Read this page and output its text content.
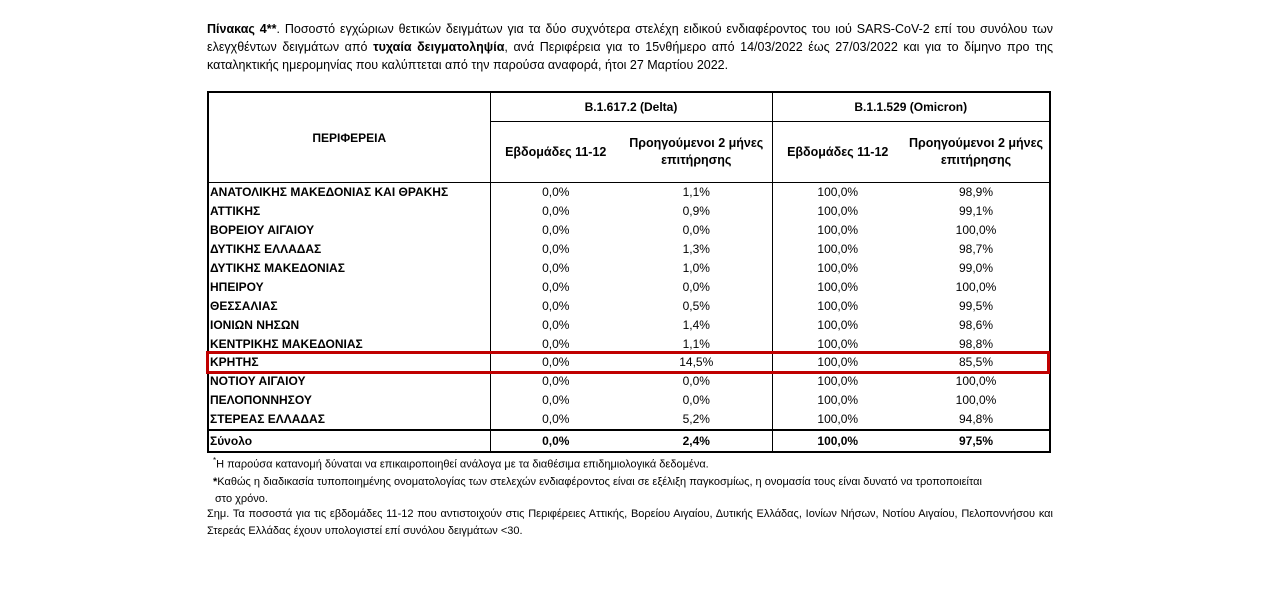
Πίνακας 4**. Ποσοστό εγχώριων θετικών δειγμάτων για τα δύο συχνότερα στελέχη ειδικού ενδιαφέροντος του ιού SARS-CoV-2 επί του συνόλου των ελεγχθέντων δειγμάτων από τυχαία δειγματοληψία, ανά Περιφέρεια για το 15νθήμερο από 14/03/2022 έως 27/03/2022 και για το δίμηνο προ της καταληκτικής ημερομηνίας που καλύπτεται από την παρούσα αναφορά, ήτοι 27 Μαρτίου 2022.
ΠΕΡΙΦΕΡΕΙΑ	B.1.617.2 (Delta)		B.1.1.529 (Omicron)	
	Εβδομάδες 11-12	Προηγούμενοι 2 μήνες επιτήρησης	Εβδομάδες 11-12	Προηγούμενοι 2 μήνες επιτήρησης
ΑΝΑΤΟΛΙΚΗΣ ΜΑΚΕΔΟΝΙΑΣ ΚΑΙ ΘΡΑΚΗΣ	0,0%	1,1%	100,0%	98,9%
ΑΤΤΙΚΗΣ	0,0%	0,9%	100,0%	99,1%
ΒΟΡΕΙΟΥ ΑΙΓΑΙΟΥ	0,0%	0,0%	100,0%	100,0%
ΔΥΤΙΚΗΣ ΕΛΛΑΔΑΣ	0,0%	1,3%	100,0%	98,7%
ΔΥΤΙΚΗΣ ΜΑΚΕΔΟΝΙΑΣ	0,0%	1,0%	100,0%	99,0%
ΗΠΕΙΡΟΥ	0,0%	0,0%	100,0%	100,0%
ΘΕΣΣΑΛΙΑΣ	0,0%	0,5%	100,0%	99,5%
ΙΟΝΙΩΝ ΝΗΣΩΝ	0,0%	1,4%	100,0%	98,6%
ΚΕΝΤΡΙΚΗΣ ΜΑΚΕΔΟΝΙΑΣ	0,0%	1,1%	100,0%	98,8%
ΚΡΗΤΗΣ	0,0%	14,5%	100,0%	85,5%
ΝΟΤΙΟΥ ΑΙΓΑΙΟΥ	0,0%	0,0%	100,0%	100,0%
ΠΕΛΟΠΟΝΝΗΣΟΥ	0,0%	0,0%	100,0%	100,0%
ΣΤΕΡΕΑΣ ΕΛΛΑΔΑΣ	0,0%	5,2%	100,0%	94,8%
Σύνολο	0,0%	2,4%	100,0%	97,5%

*Η παρούσα κατανομή δύναται να επικαιροποιηθεί ανάλογα με τα διαθέσιμα επιδημιολογικά δεδομένα.

*Καθώς η διαδικασία τυποποιημένης ονοματολογίας των στελεχών ενδιαφέροντος είναι σε εξέλιξη παγκοσμίως, η ονομασία τους είναι δυνατό να τροποποιείται

στο χρόνο.

Σημ. Τα ποσοστά για τις εβδομάδες 11-12 που αντιστοιχούν στις Περιφέρειες Αττικής, Βορείου Αιγαίου, Δυτικής Ελλάδας, Ιονίων Νήσων, Νοτίου Αιγαίου, Πελοποννήσου και Στερεάς Ελλάδας έχουν υπολογιστεί επί συνόλου δειγμάτων <30.
